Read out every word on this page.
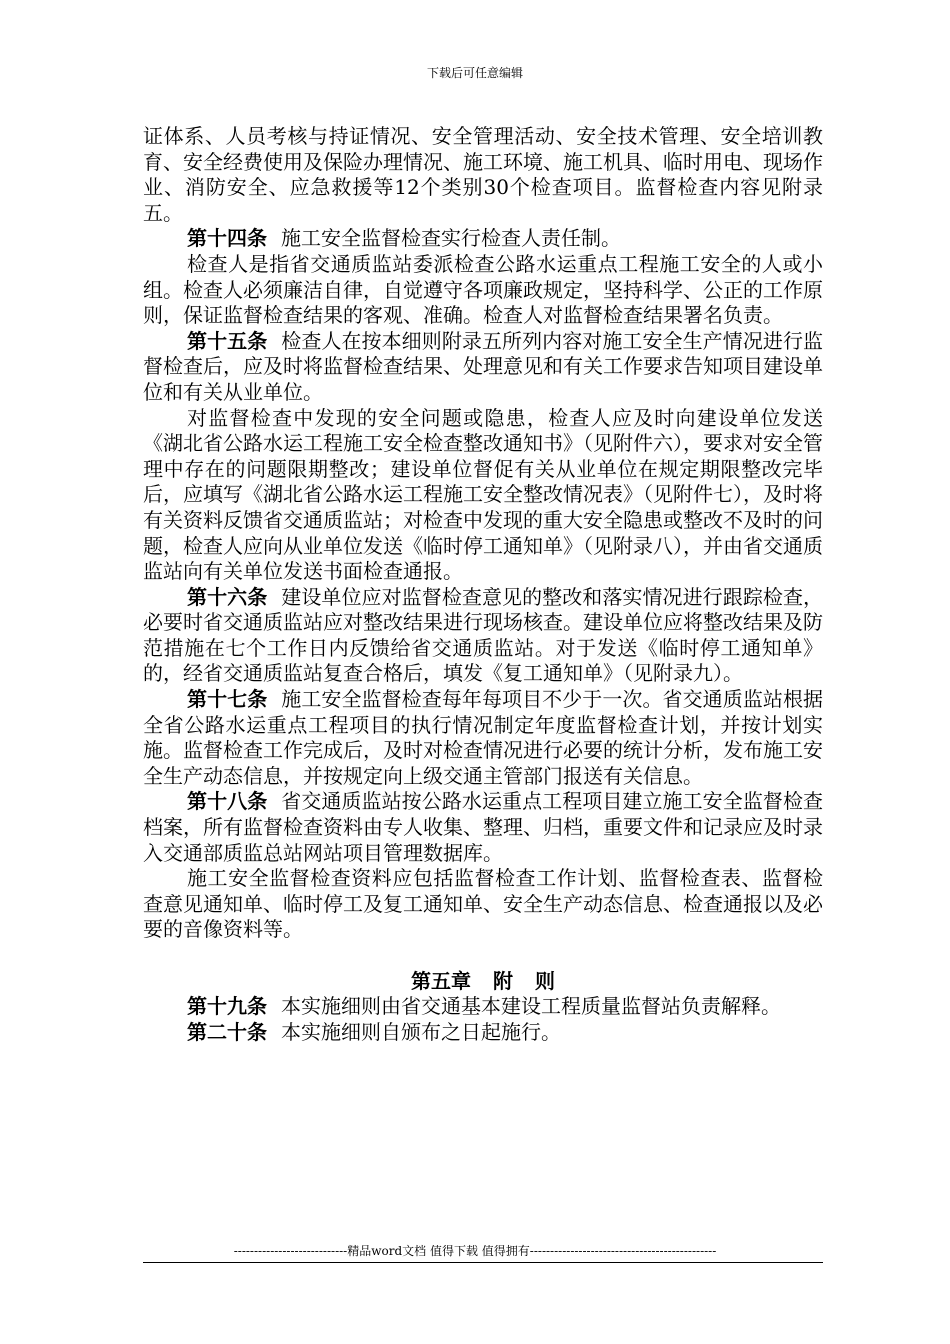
下载后可任意编辑

证体系、人员考核与持证情况、安全管理活动、安全技术管理、安全培训教育、安全经费使用及保险办理情况、施工环境、施工机具、临时用电、现场作业、消防安全、应急救援等12个类别30个检查项目。监督检查内容见附录五。

第十四条 施工安全监督检查实行检查人责任制。

检查人是指省交通质监站委派检查公路水运重点工程施工安全的人或小组。检查人必须廉洁自律，自觉遵守各项廉政规定，坚持科学、公正的工作原则，保证监督检查结果的客观、准确。检查人对监督检查结果署名负责。

第十五条 检查人在按本细则附录五所列内容对施工安全生产情况进行监督检查后，应及时将监督检查结果、处理意见和有关工作要求告知项目建设单位和有关从业单位。

对监督检查中发现的安全问题或隐患，检查人应及时向建设单位发送《湖北省公路水运工程施工安全检查整改通知书》（见附件六），要求对安全管理中存在的问题限期整改；建设单位督促有关从业单位在规定期限整改完毕后，应填写《湖北省公路水运工程施工安全整改情况表》（见附件七），及时将有关资料反馈省交通质监站；对检查中发现的重大安全隐患或整改不及时的问题，检查人应向从业单位发送《临时停工通知单》（见附录八），并由省交通质监站向有关单位发送书面检查通报。

第十六条 建设单位应对监督检查意见的整改和落实情况进行跟踪检查，必要时省交通质监站应对整改结果进行现场核查。建设单位应将整改结果及防范措施在七个工作日内反馈给省交通质监站。对于发送《临时停工通知单》的，经省交通质监站复查合格后，填发《复工通知单》（见附录九）。

第十七条 施工安全监督检查每年每项目不少于一次。省交通质监站根据全省公路水运重点工程项目的执行情况制定年度监督检查计划，并按计划实施。监督检查工作完成后，及时对检查情况进行必要的统计分析，发布施工安全生产动态信息，并按规定向上级交通主管部门报送有关信息。

第十八条 省交通质监站按公路水运重点工程项目建立施工安全监督检查档案，所有监督检查资料由专人收集、整理、归档，重要文件和记录应及时录入交通部质监总站网站项目管理数据库。

施工安全监督检查资料应包括监督检查工作计划、监督检查表、监督检查意见通知单、临时停工及复工通知单、安全生产动态信息、检查通报以及必要的音像资料等。

第五章 附 则

第十九条 本实施细则由省交通基本建设工程质量监督站负责解释。

第二十条 本实施细则自颁布之日起施行。

----------------------------精品word文档 值得下载 值得拥有----------------------------------------------
